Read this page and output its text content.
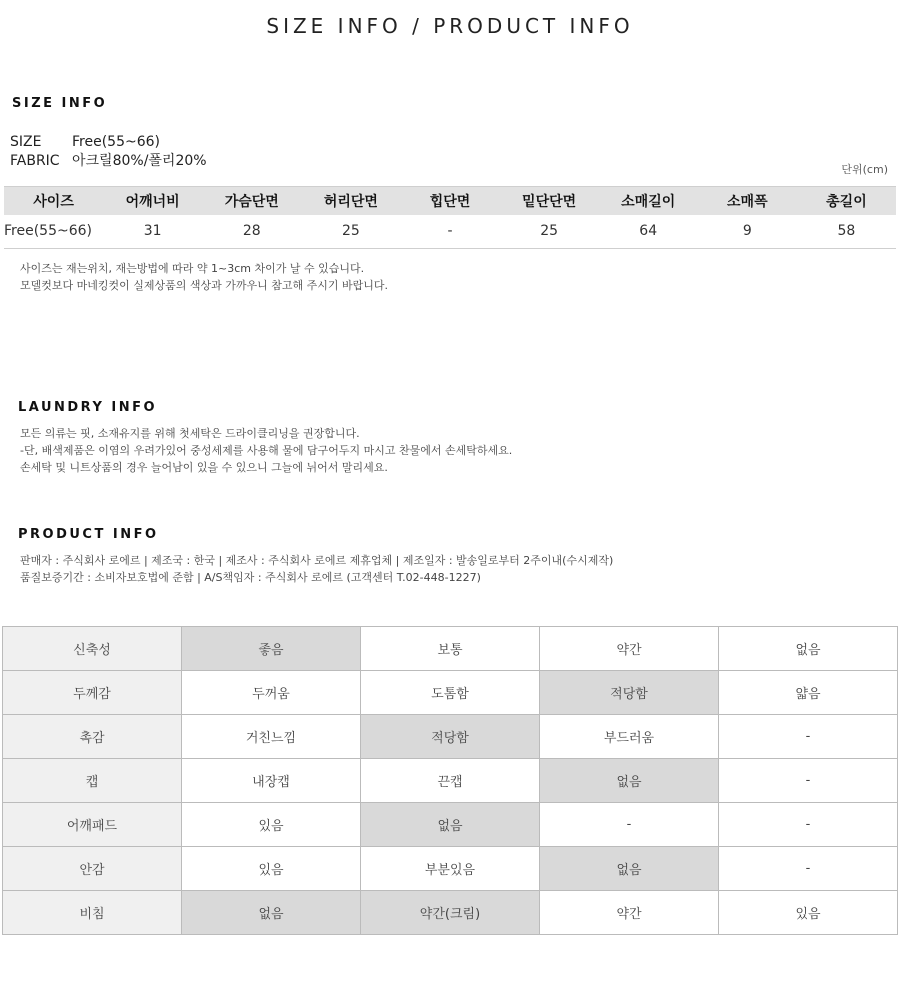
SIZE INFO / PRODUCT INFO
SIZE INFO
SIZE Free(55~66)
FABRIC 아크릴80%/폴리20%
단위(cm)
사이즈	어깨너비	가슴단면	허리단면	힙단면	밑단단면	소매길이	소매폭	총길이
Free(55~66)	31	28	25	-	25	64	9	58
사이즈는 재는위치, 재는방법에 따라 약 1~3cm 차이가 날 수 있습니다.
모델컷보다 마네킹컷이 실제상품의 색상과 가까우니 참고해 주시기 바랍니다.
LAUNDRY INFO
모든 의류는 핏, 소재유지를 위해 첫세탁은 드라이클리닝을 권장합니다.
-단, 배색제품은 이염의 우려가있어 중성세제를 사용해 물에 담구어두지 마시고 찬물에서 손세탁하세요.
손세탁 및 니트상품의 경우 늘어남이 있을 수 있으니 그늘에 뉘어서 말리세요.
PRODUCT INFO
판매자 : 주식회사 로에르 | 제조국 : 한국 | 제조사 : 주식회사 로에르 제휴업체 | 제조일자 : 발송일로부터 2주이내(수시제작)
품질보증기간 : 소비자보호법에 준함 | A/S책임자 : 주식회사 로에르 (고객센터 T.02-448-1227)
신축성	좋음	보통	약간	없음
두께감	두꺼움	도톰함	적당함	얇음
촉감	거친느낌	적당함	부드러움	-
캡	내장캡	끈캡	없음	-
어깨패드	있음	없음	-	-
안감	있음	부분있음	없음	-
비침	없음	약간(크림)	약간	있음
